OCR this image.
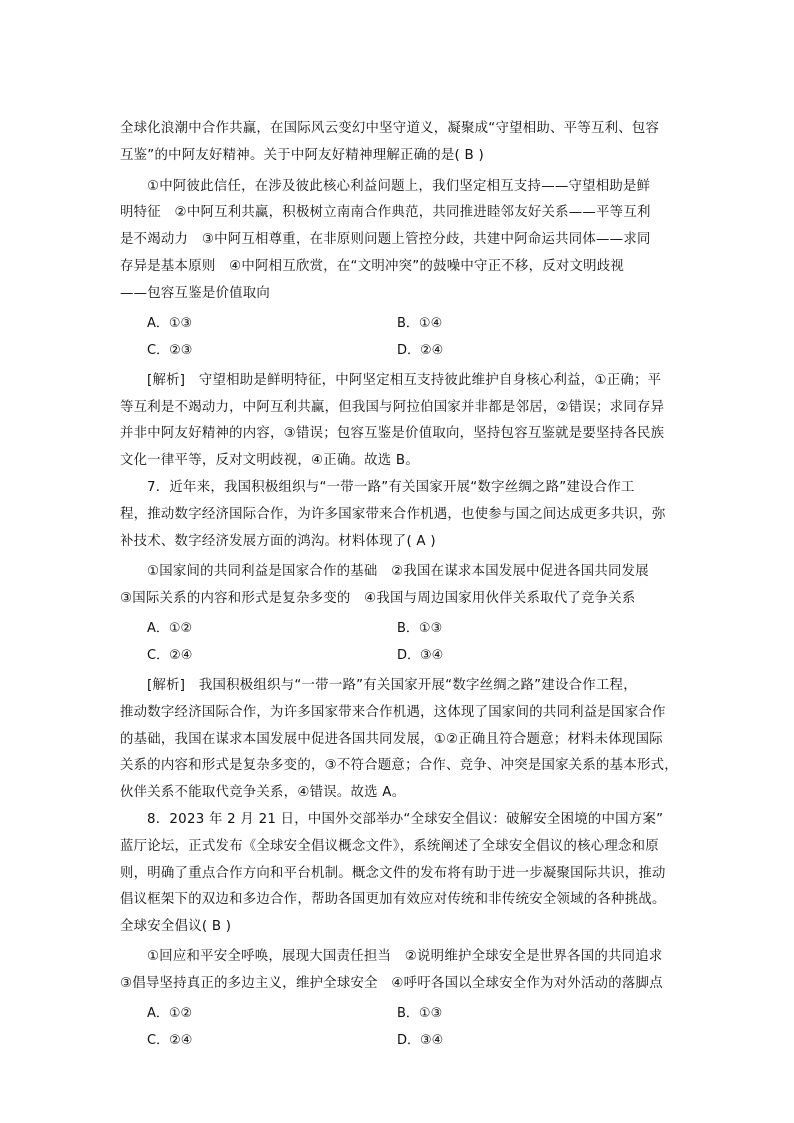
全球化浪潮中合作共赢，在国际风云变幻中坚守道义，凝聚成“守望相助、平等互利、包容
互鉴”的中阿友好精神。关于中阿友好精神理解正确的是( B )
①中阿彼此信任，在涉及彼此核心利益问题上，我们坚定相互支持——守望相助是鲜
明特征　②中阿互利共赢，积极树立南南合作典范，共同推进睦邻友好关系——平等互利
是不竭动力　③中阿互相尊重，在非原则问题上管控分歧，共建中阿命运共同体——求同
存异是基本原则　④中阿相互欣赏，在“文明冲突”的鼓噪中守正不移，反对文明歧视
——包容互鉴是价值取向
A．①③	B．①④
C．②③	D．②④
[解析]　守望相助是鲜明特征，中阿坚定相互支持彼此维护自身核心利益，①正确；平
等互利是不竭动力，中阿互利共赢，但我国与阿拉伯国家并非都是邻居，②错误；求同存异
并非中阿友好精神的内容，③错误；包容互鉴是价值取向，坚持包容互鉴就是要坚持各民族
文化一律平等，反对文明歧视，④正确。故选 B。
7．近年来，我国积极组织与“一带一路”有关国家开展“数字丝绸之路”建设合作工
程，推动数字经济国际合作，为许多国家带来合作机遇，也使参与国之间达成更多共识，弥
补技术、数字经济发展方面的鸿沟。材料体现了( A )
①国家间的共同利益是国家合作的基础　②我国在谋求本国发展中促进各国共同发展
③国际关系的内容和形式是复杂多变的　④我国与周边国家用伙伴关系取代了竞争关系
A．①②	B．①③
C．②④	D．③④
[解析]　我国积极组织与“一带一路”有关国家开展“数字丝绸之路”建设合作工程，
推动数字经济国际合作，为许多国家带来合作机遇，这体现了国家间的共同利益是国家合作
的基础，我国在谋求本国发展中促进各国共同发展，①②正确且符合题意；材料未体现国际
关系的内容和形式是复杂多变的，③不符合题意；合作、竞争、冲突是国家关系的基本形式，
伙伴关系不能取代竞争关系，④错误。故选 A。
8．2023 年 2 月 21 日，中国外交部举办“全球安全倡议：破解安全困境的中国方案”
蓝厅论坛，正式发布《全球安全倡议概念文件》，系统阐述了全球安全倡议的核心理念和原
则，明确了重点合作方向和平台机制。概念文件的发布将有助于进一步凝聚国际共识，推动
倡议框架下的双边和多边合作，帮助各国更加有效应对传统和非传统安全领域的各种挑战。
全球安全倡议( B )
①回应和平安全呼唤，展现大国责任担当　②说明维护全球安全是世界各国的共同追求
③倡导坚持真正的多边主义，维护全球安全　④呼吁各国以全球安全作为对外活动的落脚点
A．①②	B．①③
C．②④	D．③④
